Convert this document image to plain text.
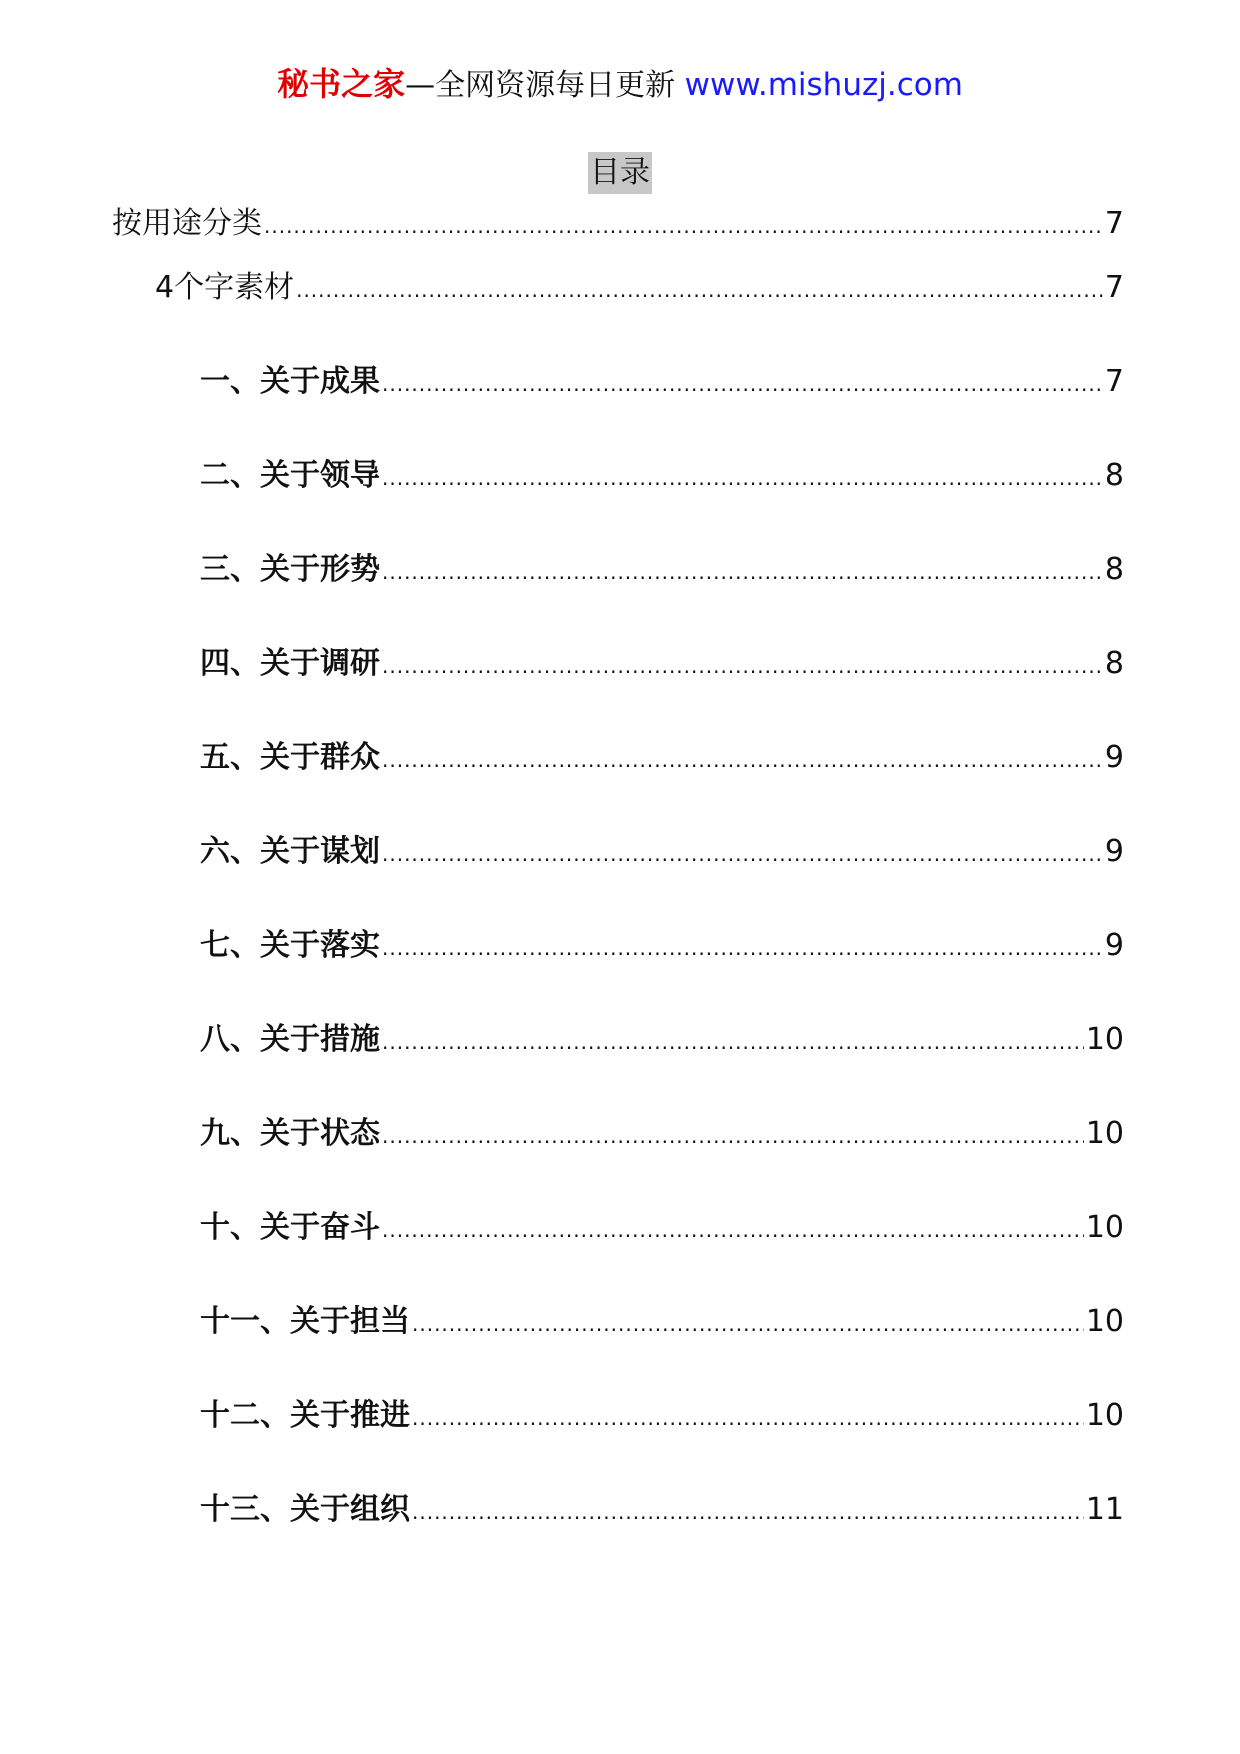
秘书之家—全网资源每日更新 www.mishuzj.com
目录
按用途分类 .....	7
4个字素材 .....	7
一、关于成果 .....	7
二、关于领导 .....	8
三、关于形势 .....	8
四、关于调研 .....	8
五、关于群众 .....	9
六、关于谋划 .....	9
七、关于落实 .....	9
八、关于措施 .....	10
九、关于状态 .....	10
十、关于奋斗 .....	10
十一、关于担当 .....	10
十二、关于推进 .....	10
十三、关于组织 .....	11
